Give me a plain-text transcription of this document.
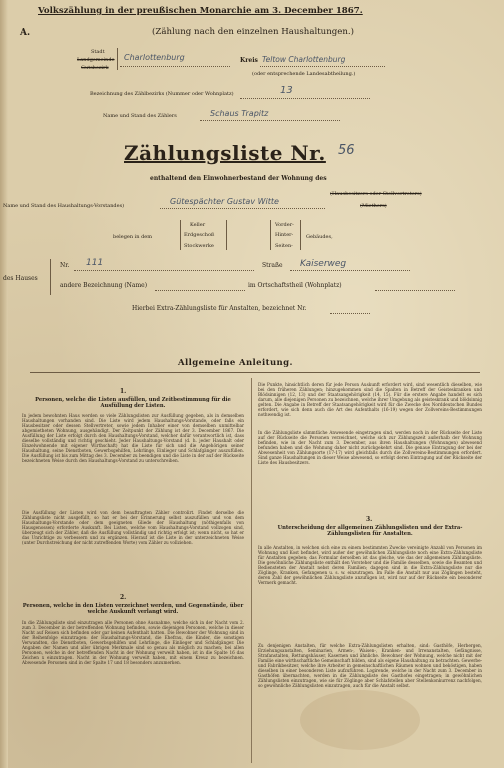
Volkszählung in der preußischen Monarchie am 3. December 1867.
A.	(Zählung nach den einzelnen Haushaltungen.)
Stadt
Landgemeinde
Gutsbezirk
Charlottenburg	Kreis Teltow Charlottenburg
(oder entsprechende Landesabtheilung.)
Bezeichnung des Zählbezirks (Nummer oder Wohnplatz)	13
Name und Stand des Zählers	Schaus Trapitz
Zählungsliste Nr. 56
enthaltend den Einwohnerbestand der Wohnung des
Name und Stand des Haushaltungs-Vorstandes)	Gütespächter Gustav Witte
(Hausbesitzers oder Stellvertreters)
(Miethers)
belegen in dem
Keller
Erdgeschoß
Stockwerke
Vorder-
Hinter-
Seiten-
Gebäudes,
des Hauses
Nr. 111	Straße Kaiserweg
andere Bezeichnung (Name)	im Ortschaftstheil (Wohnplatz)
Hierbei Extra-Zählungsliste für Anstalten, bezeichnet Nr.
Allgemeine Anleitung.
1.
Personen, welche die Listen ausfüllen, und Zeitbestimmung für die Ausfüllung der Listen.

In jedem bewohnten Haus werden so viele Zählungslisten zur Ausfüllung gegeben, als in demselben Haushaltungen vorhanden sind. Die Liste wird jedem Haushaltungs-Vorstande, oder falls ein Hausbesitzer oder dessen Stellvertreter, sowie jedem Inhaber einer von demselben unmittelbar abgemietheten Wohnung, ausgehändigt. Der Zeitpunkt der Zählung ist der 3. December 1867. Die Ausfüllung der Liste erfolgt durch den Haushaltungs-Vorstand, welcher dafür verantwortlich ist, dass dieselbe vollständig und richtig geschieht. Jeder Haushaltungs-Vorstand (d. h. jeder Haushalt oder Einzelwohnende mit eigener Wirthschaft) hat die Liste für sich und die Angehörigen seiner Haushaltung, seine Dienstboten, Gewerbsgehilfen, Lehrlinge, Einlieger und Schlafgänger auszufüllen. Die Ausfüllung ist bis zum Mittag des 3. December zu beendigen und die Liste in der auf der Rückseite bezeichneten Weise durch den Haushaltungs-Vorstand zu unterschreiben.

Die Ausfüllung der Listen wird von dem beauftragten Zähler controlirt. Findet derselbe die Zählungsliste nicht ausgefüllt, so hat er bei der Erinnerung selbst auszufüllen und von dem Haushaltungs-Vorstande oder dem geeigneten Gliede der Haushaltung (nöthigenfalls von Hausgenossen) erforderte Auskunft. Bei Listen, welche vom Haushaltungs-Vorstand vollzogen sind, überzeugt sich der Zähler, daß die Ausfüllung vollständig und richtig erfolgt ist; wenn nicht, so hat er das Unrichtige zu verbessern und zu ergänzen. Hierauf ist die Liste in der unterzeichneten Weise (unter Durchstreichung der nicht zutreffenden Worte) vom Zähler zu vollziehen.

2.
Personen, welche in den Listen verzeichnet werden, und Gegenstände, über welche Auskunft verlangt wird.

In die Zählungsliste sind einzutragen alle Personen ohne Ausnahme, welche sich in der Nacht vom 2. zum 3. December in der betreffenden Wohnung befinden, sowie diejenigen Personen, welche in dieser Nacht auf Reisen sich befinden oder gar keinen Aufenthalt hatten. Die Bewohner der Wohnung sind in der Reihenfolge einzutragen: der Haushaltungs-Vorstand, die Ehefrau, die Kinder, die sonstigen Verwandten, die Dienstboten, Gewerbsgehilfen und Lehrlinge, die Einlieger und Schlafgänger. Die Angaben der Namen und aller übrigen Merkmale sind so genau als möglich zu machen; bei allen Personen, welche in der betreffenden Nacht in der Wohnung verweilt haben, ist in die Spalte 16 das Zeichen x einzutragen. Nacht in der Wohnung verweilt haben, mit einem Kreuz zu bezeichnen. Abwesende Personen sind in der Spalte 17 und 18 besonders anzumerken.

Die Punkte, hinsichtlich deren für jede Person Auskunft erfordert wird, sind wesentlich dieselben, wie bei den früheren Zählungen; hinzugekommen sind die Spalten in Betreff der Geisteskranken und Blödsinnigen (12, 13) und der Staatsangehörigkeit (14, 15). Für die erstere Angabe handelt es sich darum, alle diejenigen Personen zu bezeichnen, welche ihrer Umgebung als geisteskrank und blödsinnig gelten. Die Angabe in Betreff der Staatsangehörigkeit wird für die Zwecke des Norddeutschen Bundes erfordert, wie sich denn auch die Art des Aufenthalts (16-19) wegen der Zollvereins-Bestimmungen nothwendig ist.

In die Zählungsliste sämmtliche Anwesende eingetragen sind, werden noch in der Rückseite der Liste auf der Rückseite die Personen verzeichnet, welche sich zur Zählungszeit außerhalb der Wohnung befinden, wie in der Nacht zum 3. December, aus ihren Haushaltungen (Wohnungen) abwesend befunden haben und die Wohnung daher nicht zurückgekehrt sind. Die genaue Eintragung der bei der Abwesenheit von Zählungsorte (17-17) wird gleichfalls durch die Zollvereins-Bestimmungen erfordert. Sind ganze Haushaltungen in dieser Weise abwesend, so erfolgt deren Eintragung auf der Rückseite der Liste des Hausbesitzers.

3.
Unterscheidung der allgemeinen Zählungslisten und der Extra-Zählungslisten für Anstalten.

In alle Anstalten, in welchen sich eine zu einem bestimmten Zwecke vereinigte Anzahl von Personen im Wohnung und Kost befindet, wird außer der gewöhnlichen Zählungsliste noch eine Extra-Zählungsliste für Anstalten gegeben; das Formular derselben ist das gleiche, wie das der allgemeinen Zählungsliste. Die gewöhnliche Zählungsliste enthält den Vorsteher und die Familie desselben, sowie die Beamten und Bediensteten der Anstalt nebst deren Familien; dagegen sind in die Extra-Zählungsliste nur die Zöglinge, Kranken, Gefangenen u. s. w. einzutragen. Im Falle die Anstalt nur aus Zöglingen besteht, deren Zahl der gewöhnlichen Zählungsliste anzufügen ist, wird nur auf der Rückseite ein besonderer Vermerk gemacht.

Zu denjenigen Anstalten, für welche Extra-Zählungslisten erhalten, sind: Gasthöfe, Herbergen, Erziehungsanstalten, Seminarien, Armen-, Waisen-, Kranken- und Irrenanstalten, Gefängnisse, Strafanstalten, Rettungshäuser, Kasernen und ähnliche. Bewohner der Wohnung, welche nicht mit der Familie eine wirthschaftliche Gemeinschaft bilden, sind als eigene Haushaltung zu betrachten. Gewerbe- und Fabrikbesitzer, welche ihre Arbeiter in gemeinschaftlichen Räumen wohnen und beköstigen, haben dieselben in einer besonderen Liste aufzuführen. Logirende, welche in der Nacht zum 3. December in Gasthöfen übernachten, werden in die Zählungsliste des Gasthofes eingetragen; in gewöhnlichen Zählungslisten einzutragen, wie sie für Zöglinge aber Schlafstellen aber Stellenkonkurrenz nachfolgen, so gewöhnliche Zählungslisten einzutragen, auch für die Anstalt selbst.
